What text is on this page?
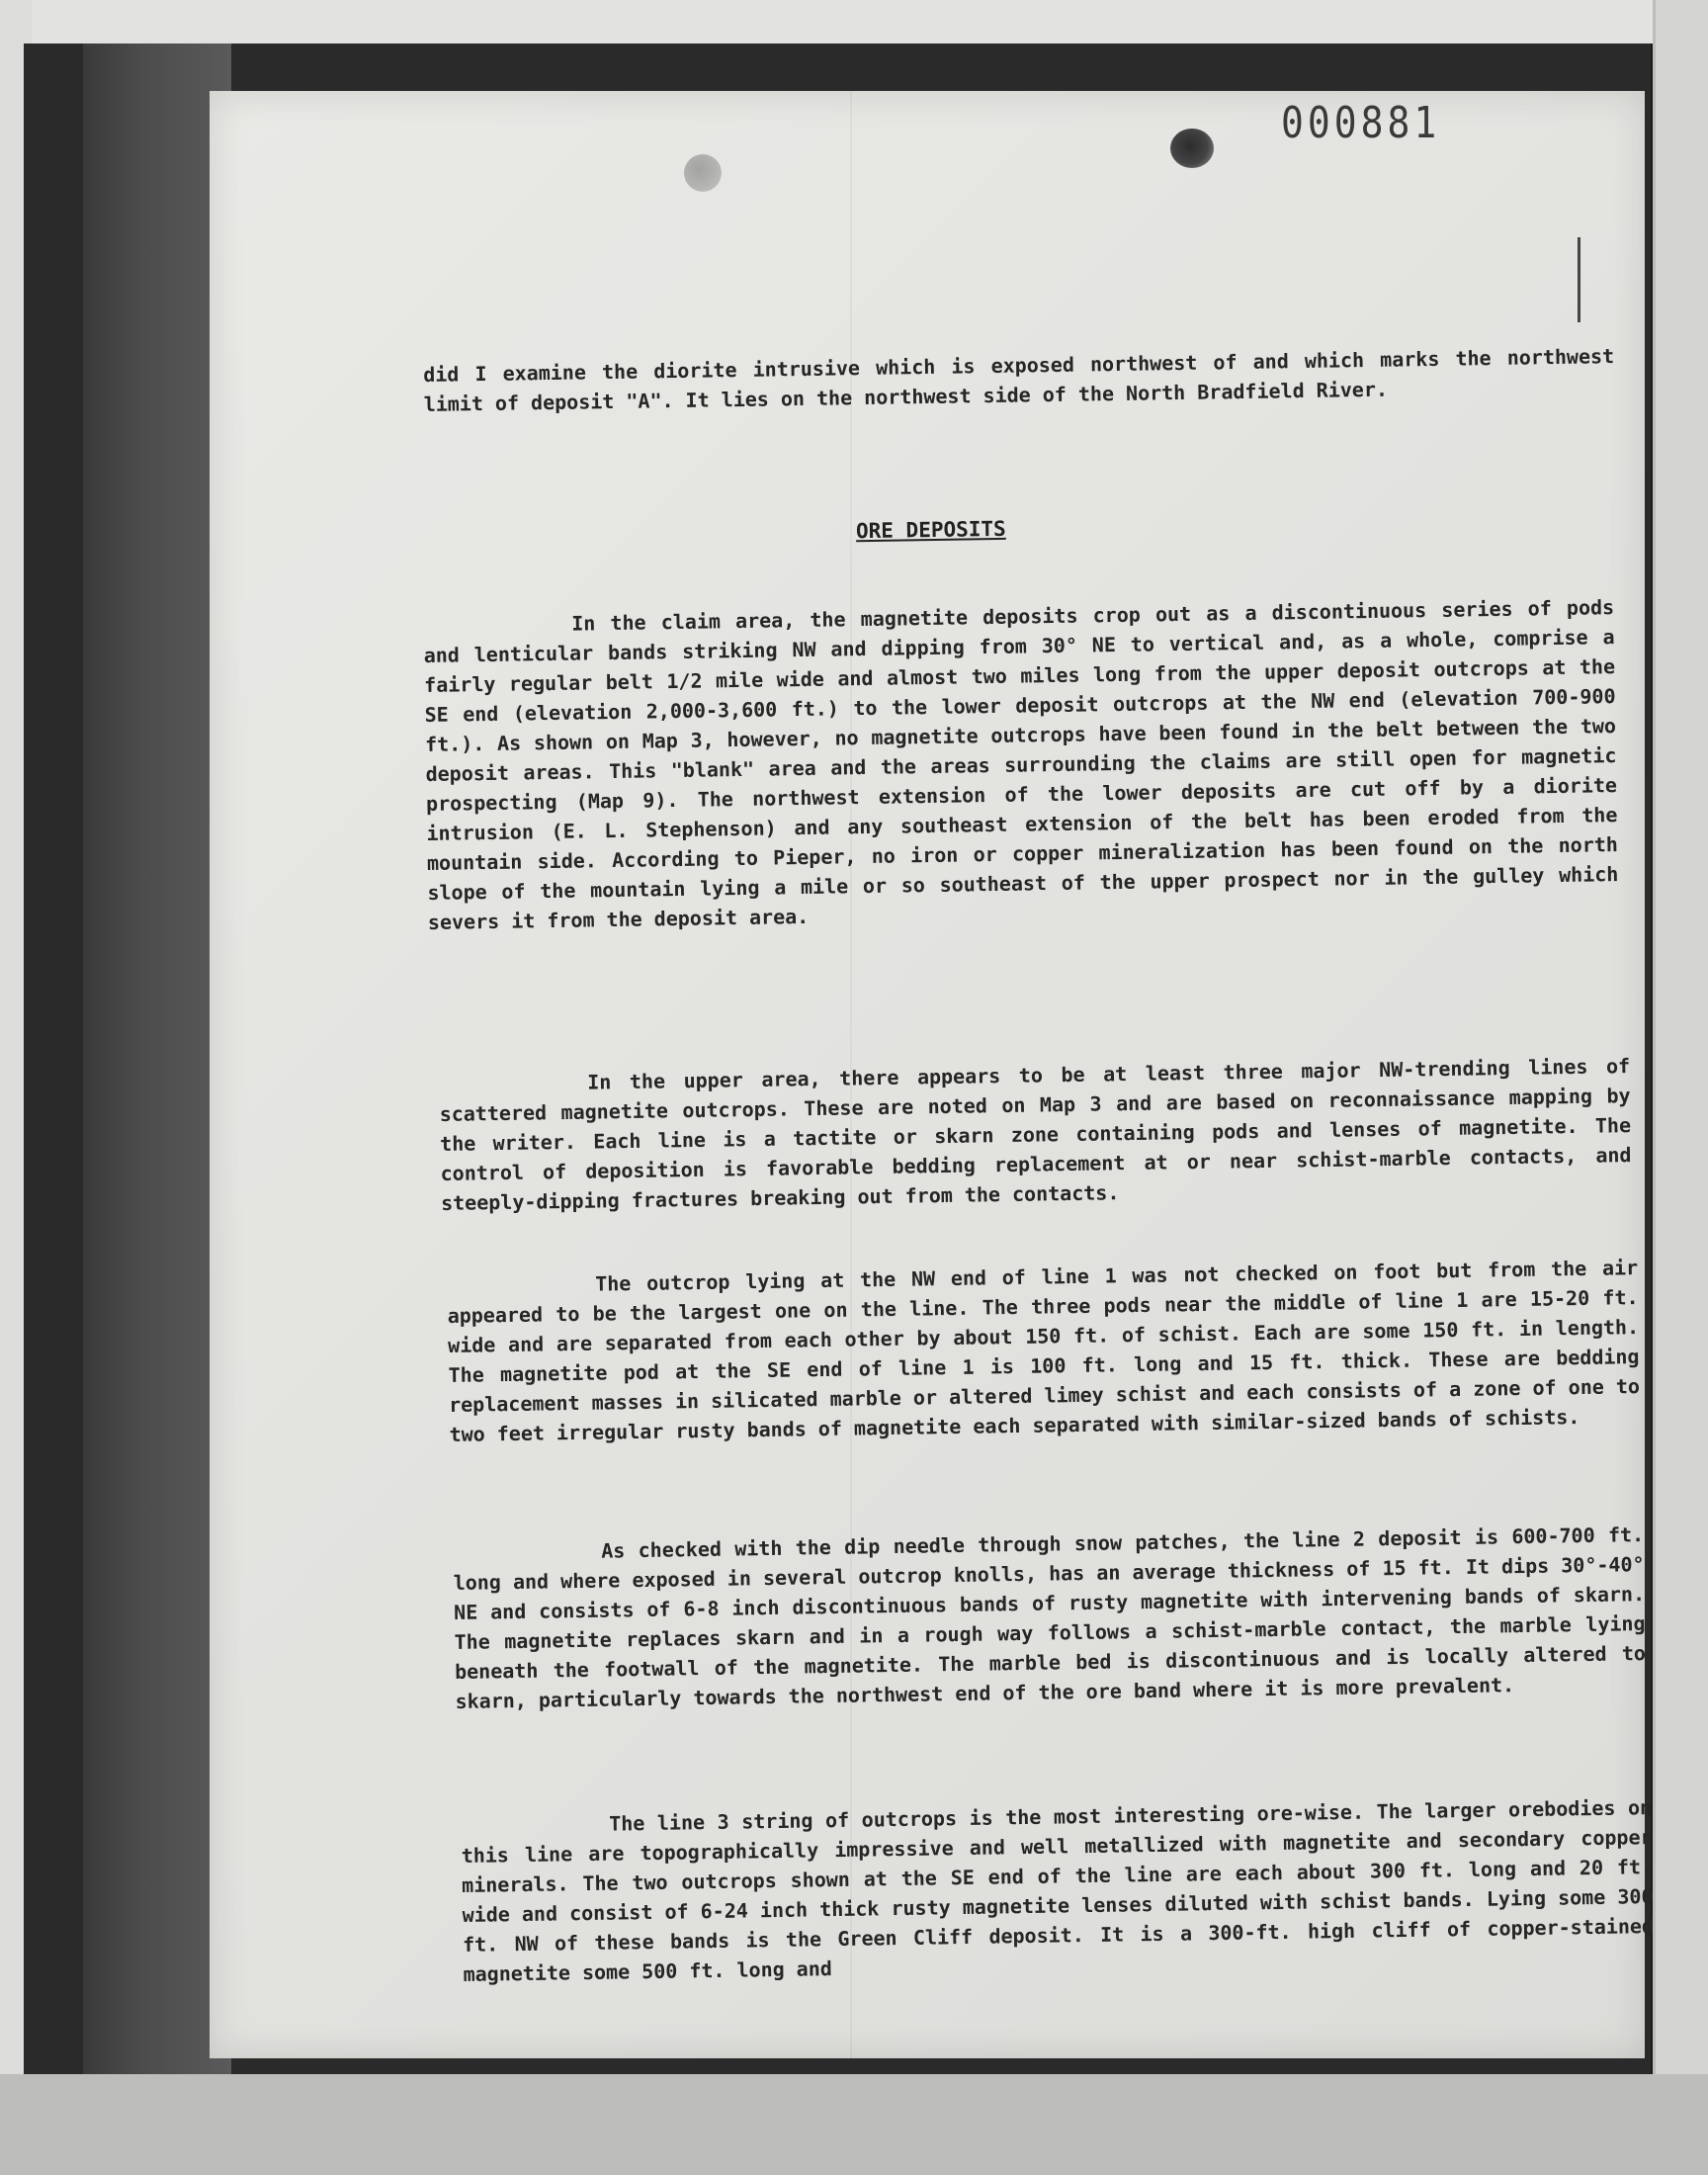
000881

did I examine the diorite intrusive which is exposed northwest of and which marks the northwest limit of deposit "A". It lies on the northwest side of the North Bradfield River.

ORE DEPOSITS

In the claim area, the magnetite deposits crop out as a discontinuous series of pods and lenticular bands striking NW and dipping from 30° NE to vertical and, as a whole, comprise a fairly regular belt 1/2 mile wide and almost two miles long from the upper deposit outcrops at the SE end (elevation 2,000-3,600 ft.) to the lower deposit outcrops at the NW end (elevation 700-900 ft.). As shown on Map 3, however, no magnetite outcrops have been found in the belt between the two deposit areas. This "blank" area and the areas surrounding the claims are still open for magnetic prospecting (Map 9). The northwest extension of the lower deposits are cut off by a diorite intrusion (E. L. Stephenson) and any southeast extension of the belt has been eroded from the mountain side. According to Pieper, no iron or copper mineralization has been found on the north slope of the mountain lying a mile or so southeast of the upper prospect nor in the gulley which severs it from the deposit area.

In the upper area, there appears to be at least three major NW-trending lines of scattered magnetite outcrops. These are noted on Map 3 and are based on reconnaissance mapping by the writer. Each line is a tactite or skarn zone containing pods and lenses of magnetite. The control of deposition is favorable bedding replacement at or near schist-marble contacts, and steeply-dipping fractures breaking out from the contacts.

The outcrop lying at the NW end of line 1 was not checked on foot but from the air appeared to be the largest one on the line. The three pods near the middle of line 1 are 15-20 ft. wide and are separated from each other by about 150 ft. of schist. Each are some 150 ft. in length. The magnetite pod at the SE end of line 1 is 100 ft. long and 15 ft. thick. These are bedding replacement masses in silicated marble or altered limey schist and each consists of a zone of one to two feet irregular rusty bands of magnetite each separated with similar-sized bands of schists.

As checked with the dip needle through snow patches, the line 2 deposit is 600-700 ft. long and where exposed in several outcrop knolls, has an average thickness of 15 ft. It dips 30°-40° NE and consists of 6-8 inch discontinuous bands of rusty magnetite with intervening bands of skarn. The magnetite replaces skarn and in a rough way follows a schist-marble contact, the marble lying beneath the footwall of the magnetite. The marble bed is discontinuous and is locally altered to skarn, particularly towards the northwest end of the ore band where it is more prevalent.

The line 3 string of outcrops is the most interesting ore-wise. The larger orebodies on this line are topographically impressive and well metallized with magnetite and secondary copper minerals. The two outcrops shown at the SE end of the line are each about 300 ft. long and 20 ft. wide and consist of 6-24 inch thick rusty magnetite lenses diluted with schist bands. Lying some 300 ft. NW of these bands is the Green Cliff deposit. It is a 300-ft. high cliff of copper-stained magnetite some 500 ft. long and
